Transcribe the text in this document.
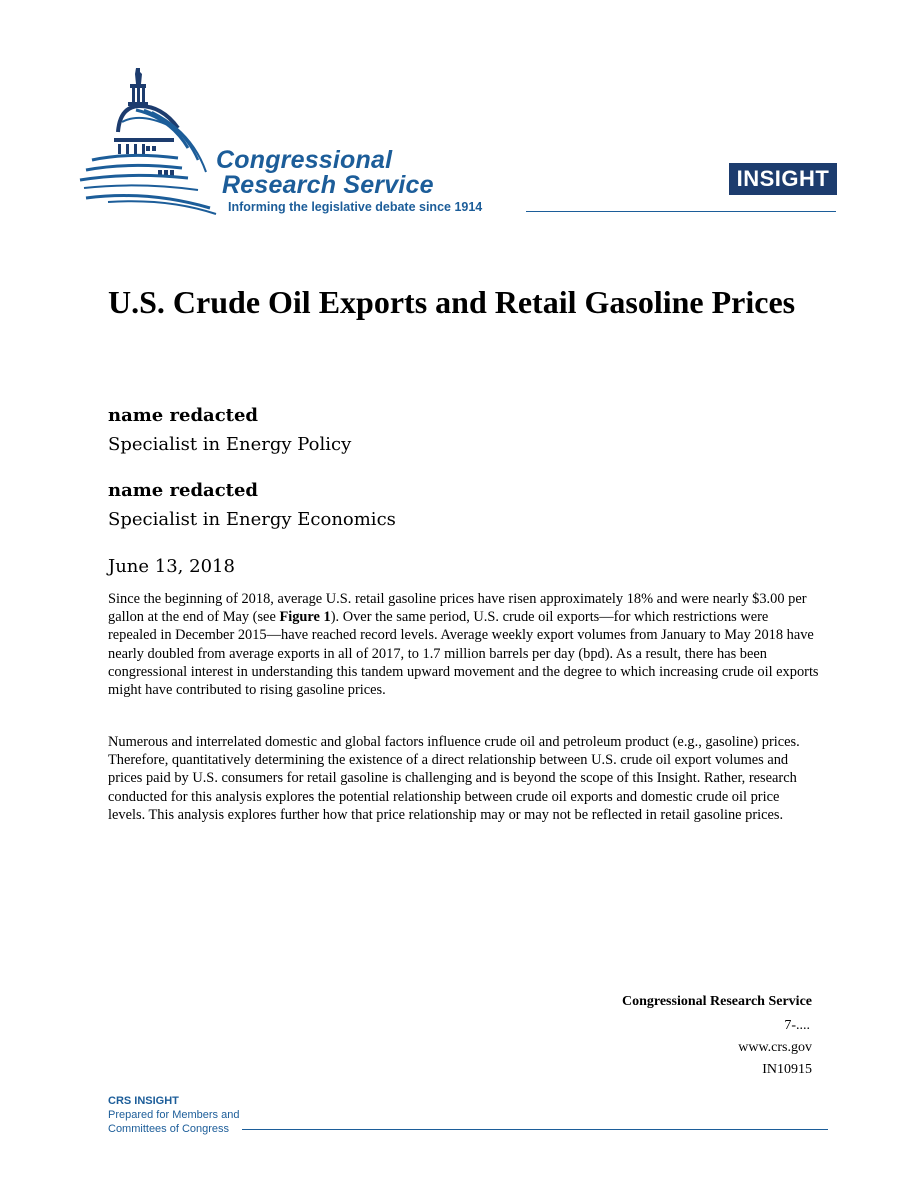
Congressional
Research Service
Informing the legislative debate since 1914
INSIGHT
U.S. Crude Oil Exports and Retail Gasoline Prices
name redacted
Specialist in Energy Policy
name redacted
Specialist in Energy Economics
June 13, 2018

Since the beginning of 2018, average U.S. retail gasoline prices have risen approximately 18% and were nearly $3.00 per gallon at the end of May (see Figure 1). Over the same period, U.S. crude oil exports—for which restrictions were repealed in December 2015—have reached record levels. Average weekly export volumes from January to May 2018 have nearly doubled from average exports in all of 2017, to 1.7 million barrels per day (bpd). As a result, there has been congressional interest in understanding this tandem upward movement and the degree to which increasing crude oil exports might have contributed to rising gasoline prices.

Numerous and interrelated domestic and global factors influence crude oil and petroleum product (e.g., gasoline) prices. Therefore, quantitatively determining the existence of a direct relationship between U.S. crude oil export volumes and prices paid by U.S. consumers for retail gasoline is challenging and is beyond the scope of this Insight. Rather, research conducted for this analysis explores the potential relationship between crude oil exports and domestic crude oil price levels. This analysis explores further how that price relationship may or may not be reflected in retail gasoline prices.

Congressional Research Service
7-....
www.crs.gov
IN10915
CRS INSIGHT
Prepared for Members and
Committees of Congress
